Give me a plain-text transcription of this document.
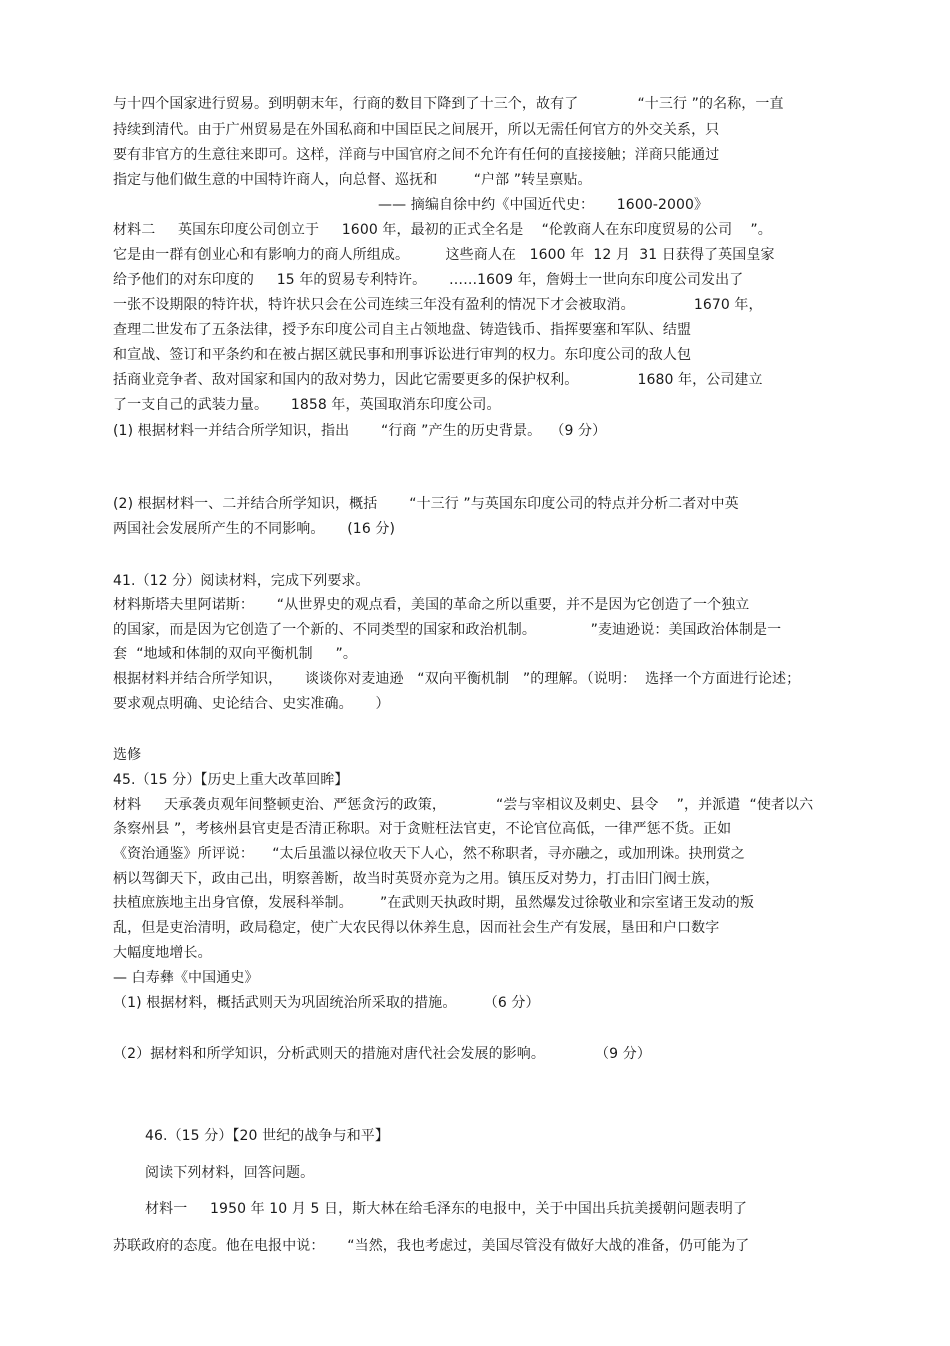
与十四个国家进行贸易。到明朝末年，行商的数目下降到了十三个，故有了             “十三行 ”的名称，一直
持续到清代。由于广州贸易是在外国私商和中国臣民之间展开，所以无需任何官方的外交关系，只
要有非官方的生意往来即可。这样，洋商与中国官府之间不允许有任何的直接接触；洋商只能通过
指定与他们做生意的中国特许商人，向总督、巡抚和        “户部 ”转呈禀贴。
—— 摘编自徐中约《中国近代史：     1600-2000》
材料二     英国东印度公司创立于     1600 年，最初的正式全名是    “伦敦商人在东印度贸易的公司    ”。
它是由一群有创业心和有影响力的商人所组成。        这些商人在   1600 年  12 月  31 日获得了英国皇家
给予他们的对东印度的     15 年的贸易专利特许。     ……1609 年，詹姆士一世向东印度公司发出了
一张不设期限的特许状，特许状只会在公司连续三年没有盈利的情况下才会被取消。             1670 年，
查理二世发布了五条法律，授予东印度公司自主占领地盘、铸造钱币、指挥要塞和军队、结盟
和宣战、签订和平条约和在被占据区就民事和刑事诉讼进行审判的权力。东印度公司的敌人包
括商业竞争者、敌对国家和国内的敌对势力，因此它需要更多的保护权利。             1680 年，公司建立
了一支自己的武装力量。     1858 年，英国取消东印度公司。
(1) 根据材料一并结合所学知识，指出       “行商 ”产生的历史背景。  （9 分）
(2) 根据材料一、二并结合所学知识，概括       “十三行 ”与英国东印度公司的特点并分析二者对中英
两国社会发展所产生的不同影响。     (16 分)
41.（12 分）阅读材料，完成下列要求。
材料斯塔夫里阿诺斯：     “从世界史的观点看，美国的革命之所以重要，并不是因为它创造了一个独立
的国家，而是因为它创造了一个新的、不同类型的国家和政治机制。            ”麦迪逊说：美国政治体制是一
套  “地域和体制的双向平衡机制     ”。
根据材料并结合所学知识，     谈谈你对麦迪逊   “双向平衡机制   ”的理解。（说明：  选择一个方面进行论述；
要求观点明确、史论结合、史实准确。     ）
选修
45.（15 分）【历史上重大改革回眸】
材料     天承袭贞观年间整顿吏治、严惩贪污的政策，           “尝与宰相议及刺史、县令    ”，并派遣  “使者以六
条察州县 ”，考核州县官吏是否清正称职。对于贪赃枉法官吏，不论官位高低，一律严惩不货。正如
《资治通鉴》所评说：    “太后虽滥以禄位收天下人心，然不称职者，寻亦融之，或加刑诛。抉刑赏之
柄以驾御天下，政由己出，明察善断，故当时英贤亦竞为之用。镇压反对势力，打击旧门阀士族，
扶植庶族地主出身官僚，发展科举制。      ”在武则天执政时期，虽然爆发过徐敬业和宗室诸王发动的叛
乱，但是吏治清明，政局稳定，使广大农民得以休养生息，因而社会生产有发展，垦田和户口数字
大幅度地增长。
— 白寿彝《中国通史》
（1) 根据材料，概括武则天为巩固统治所采取的措施。      （6 分）
（2）据材料和所学知识，分析武则天的措施对唐代社会发展的影响。           （9 分）
46.（15 分）【20 世纪的战争与和平】
阅读下列材料，回答问题。
材料一     1950 年 10 月 5 日，斯大林在给毛泽东的电报中，关于中国出兵抗美援朝问题表明了
苏联政府的态度。他在电报中说：     “当然，我也考虑过，美国尽管没有做好大战的准备，仍可能为了
